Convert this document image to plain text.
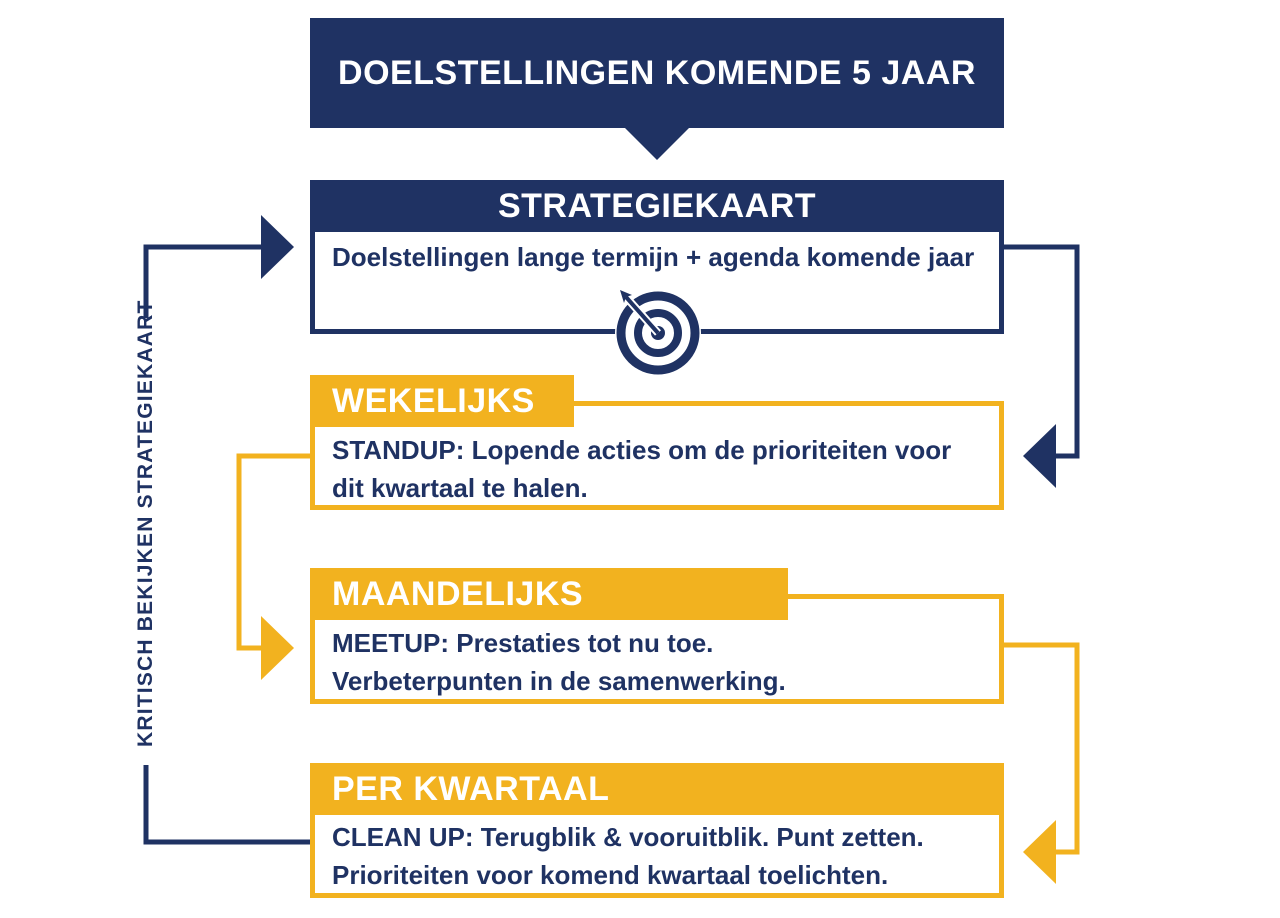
DOELSTELLINGEN KOMENDE 5 JAAR
STRATEGIEKAART
Doelstellingen lange termijn + agenda komende jaar
WEKELIJKS
STANDUP: Lopende acties om de prioriteiten voor
dit kwartaal te halen.
MAANDELIJKS
MEETUP: Prestaties tot nu toe.
Verbeterpunten in de samenwerking.
PER KWARTAAL
CLEAN UP: Terugblik & vooruitblik. Punt zetten.
Prioriteiten voor komend kwartaal toelichten.
KRITISCH BEKIJKEN STRATEGIEKAART
